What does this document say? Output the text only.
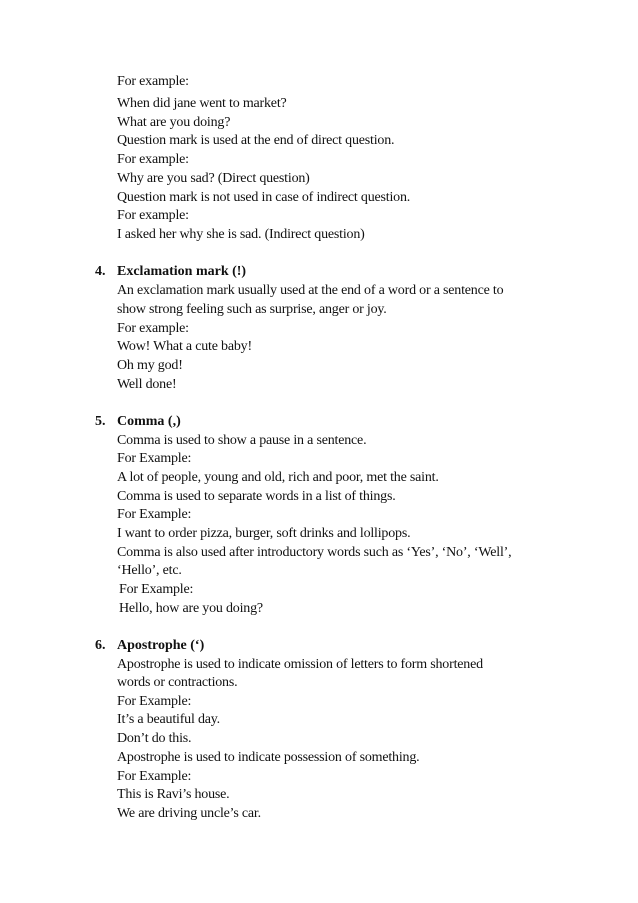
For example:
When did jane went to market?
What are you doing?
Question mark is used at the end of direct question.
For example:
Why are you sad? (Direct question)
Question mark is not used in case of indirect question.
For example:
I asked her why she is sad. (Indirect question)
4. Exclamation mark (!)
An exclamation mark usually used at the end of a word or a sentence to
show strong feeling such as surprise, anger or joy.
For example:
Wow! What a cute baby!
Oh my god!
Well done!
5. Comma (,)
Comma is used to show a pause in a sentence.
For Example:
A lot of people, young and old, rich and poor, met the saint.
Comma is used to separate words in a list of things.
For Example:
I want to order pizza, burger, soft drinks and lollipops.
Comma is also used after introductory words such as ‘Yes’, ‘No’, ‘Well’,
‘Hello’, etc.
For Example:
Hello, how are you doing?
6. Apostrophe (‘)
Apostrophe is used to indicate omission of letters to form shortened
words or contractions.
For Example:
It’s a beautiful day.
Don’t do this.
Apostrophe is used to indicate possession of something.
For Example:
This is Ravi’s house.
We are driving uncle’s car.
